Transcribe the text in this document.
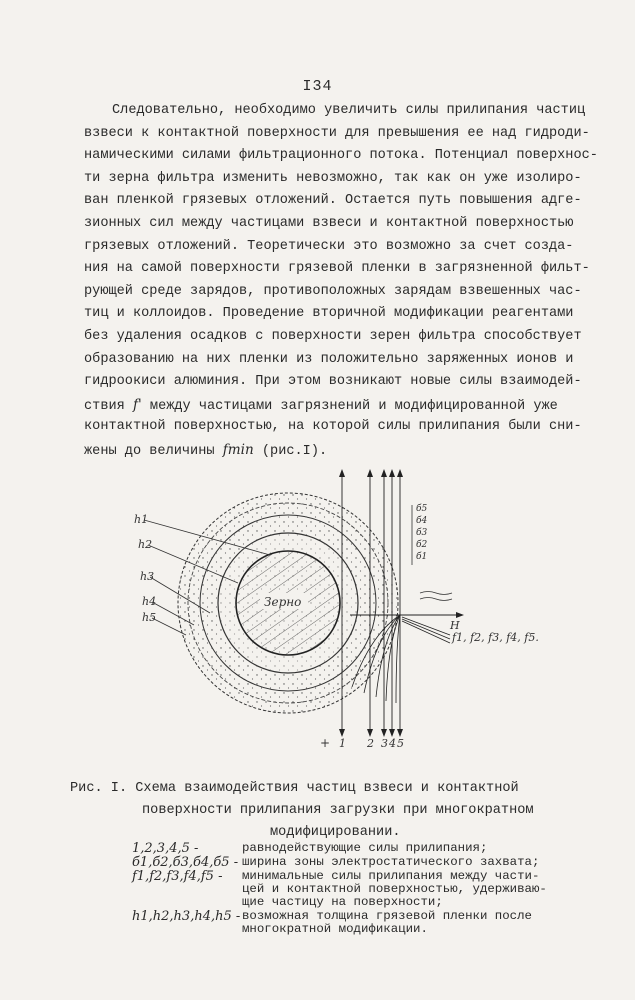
I34
Следовательно, необходимо увеличить силы прилипания частиц
взвеси к контактной поверхности для превышения ее над гидроди-
намическими силами фильтрационного потока. Потенциал поверхнос-
ти зерна фильтра изменить невозможно, так как он уже изолиро-
ван пленкой грязевых отложений. Остается путь повышения адге-
зионных сил между частицами взвеси и контактной поверхностью
грязевых отложений. Теоретически это возможно за счет созда-
ния на самой поверхности грязевой пленки в загрязненной фильт-
рующей среде зарядов, противоположных зарядам взвешенных час-
тиц и коллоидов. Проведение вторичной модификации реагентами
без удаления осадков с поверхности зерен фильтра способствует
образованию на них пленки из положительно заряженных ионов и
гидроокиси алюминия. При этом возникают новые силы взаимодей-
ствия f' между частицами загрязнений и модифицированной уже
контактной поверхностью, на которой силы прилипания были сни-
жены до величины fmin (рис.I).
Зерно
h1
h2
h3
h4
h5
б5
б4
б3
б2
б1
H
f1, f2, f3, f4, f5.
+ 1 2 3 4 5
Рис. I. Схема взаимодействия частиц взвеси и контактной
поверхности прилипания загрузки при многократном
модифицировании.
1,2,3,4,5 -	равнодействующие силы прилипания;
б1,б2,б3,б4,б5 - ширина зоны электростатического захвата;
f1,f2,f3,f4,f5 -	минимальные силы прилипания между части-
цей и контактной поверхностью, удерживаю-
щие частицу на поверхности;
h1,h2,h3,h4,h5 - возможная толщина грязевой пленки после
многократной модификации.
